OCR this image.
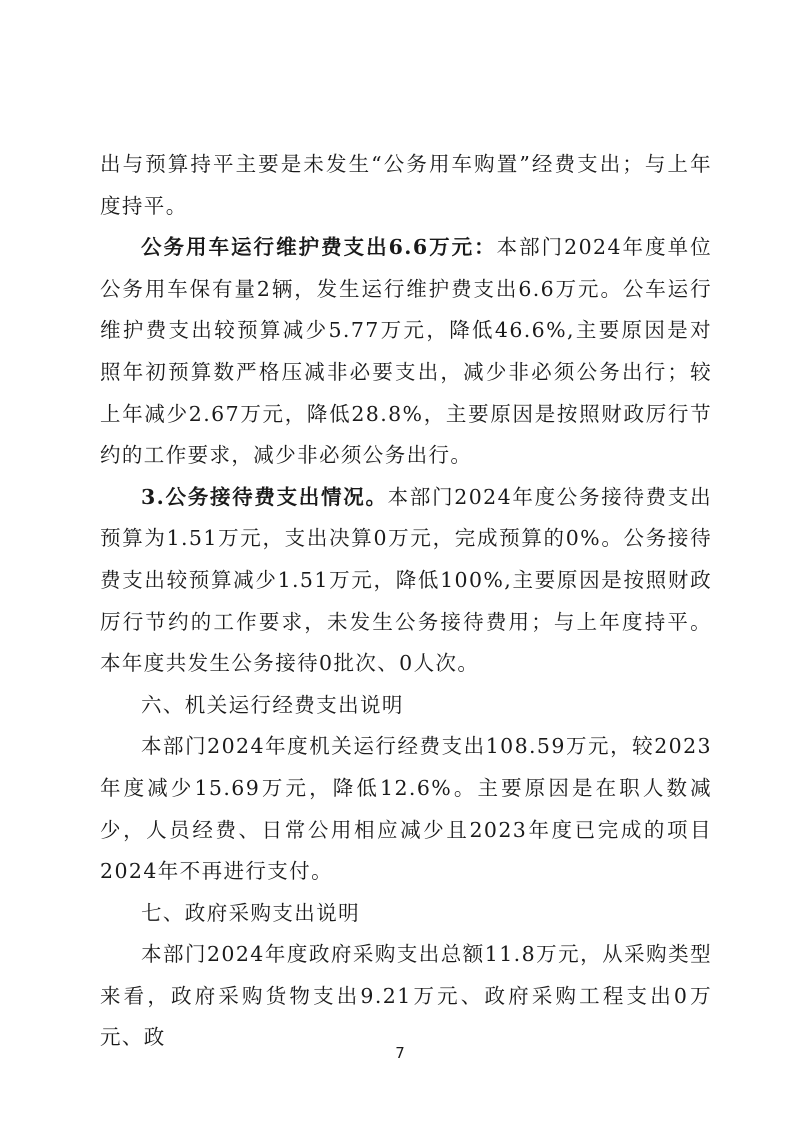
出与预算持平主要是未发生“公务用车购置”经费支出；与上年度持平。

公务用车运行维护费支出6.6万元：本部门2024年度单位公务用车保有量2辆，发生运行维护费支出6.6万元。公车运行维护费支出较预算减少5.77万元，降低46.6%,主要原因是对照年初预算数严格压减非必要支出，减少非必须公务出行；较上年减少2.67万元，降低28.8%，主要原因是按照财政厉行节约的工作要求，减少非必须公务出行。

3.公务接待费支出情况。本部门2024年度公务接待费支出预算为1.51万元，支出决算0万元，完成预算的0%。公务接待费支出较预算减少1.51万元，降低100%,主要原因是按照财政厉行节约的工作要求，未发生公务接待费用；与上年度持平。本年度共发生公务接待0批次、0人次。

六、机关运行经费支出说明

本部门2024年度机关运行经费支出108.59万元，较2023年度减少15.69万元，降低12.6%。主要原因是在职人数减少，人员经费、日常公用相应减少且2023年度已完成的项目2024年不再进行支付。

七、政府采购支出说明

本部门2024年度政府采购支出总额11.8万元，从采购类型来看，政府采购货物支出9.21万元、政府采购工程支出0万元、政

7
